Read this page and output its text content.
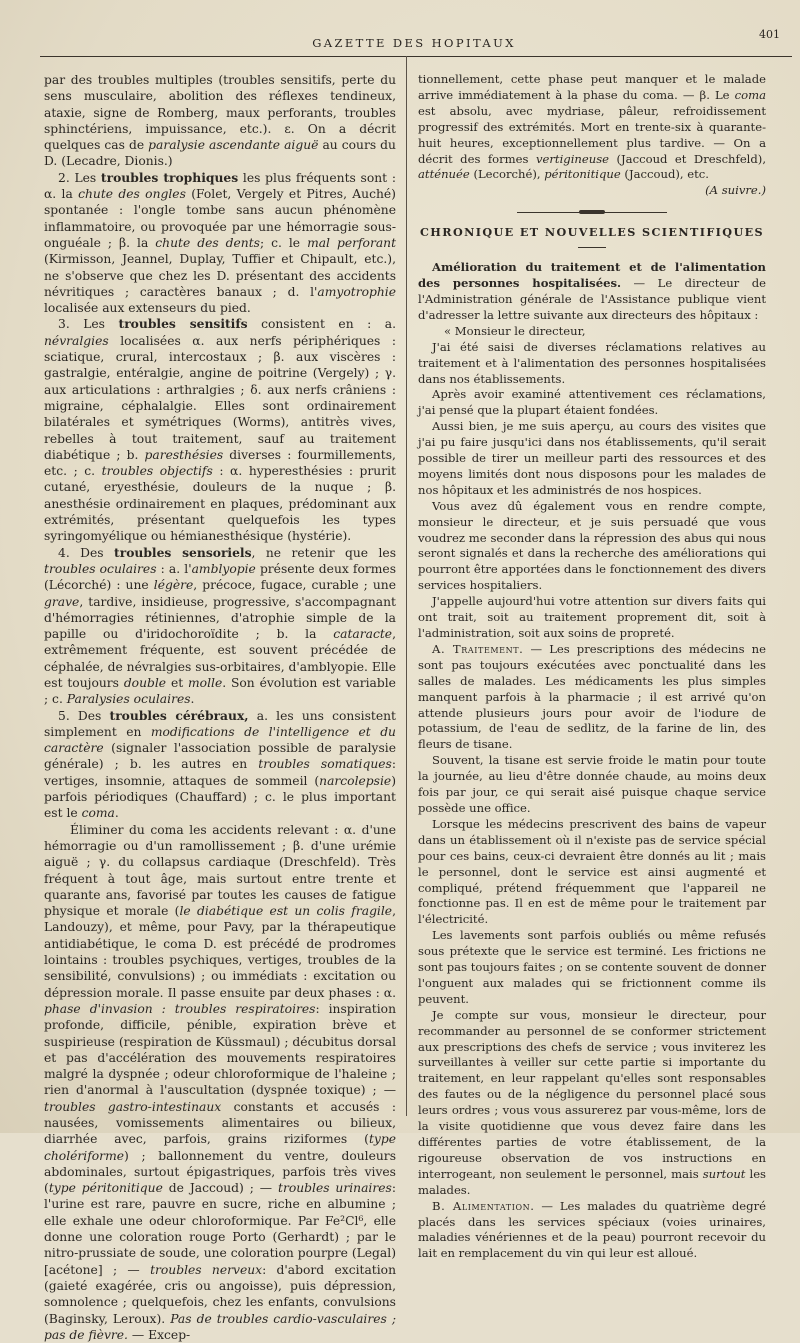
GAZETTE DES HOPITAUX
401

par des troubles multiples (troubles sensitifs, perte du sens musculaire, abolition des réflexes tendineux, ataxie, signe de Romberg, maux perforants, troubles sphinctériens, impuissance, etc.). ε. On a décrit quelques cas de paralysie ascendante aiguë au cours du D. (Lecadre, Dionis.)

2. Les troubles trophiques les plus fréquents sont : α. la chute des ongles (Folet, Vergely et Pitres, Auché) spontanée : l'ongle tombe sans aucun phénomène inflammatoire, ou provoquée par une hémorragie sous-onguéale ; β. la chute des dents; c. le mal perforant (Kirmisson, Jeannel, Duplay, Tuffier et Chipault, etc.), ne s'observe que chez les D. présentant des accidents névritiques ; caractères banaux ; d. l'amyotrophie localisée aux extenseurs du pied.

3. Les troubles sensitifs consistent en : a. névralgies localisées α. aux nerfs périphériques : sciatique, crural, intercostaux ; β. aux viscères : gastralgie, entéralgie, angine de poitrine (Vergely) ; γ. aux articulations : arthralgies ; δ. aux nerfs crâniens : migraine, céphalalgie. Elles sont ordinairement bilatérales et symétriques (Worms), antitrès vives, rebelles à tout traitement, sauf au traitement diabétique ; b. paresthésies diverses : fourmillements, etc. ; c. troubles objectifs : α. hyperesthésies : prurit cutané, eryesthésie, douleurs de la nuque ; β. anesthésie ordinairement en plaques, prédominant aux extrémités, présentant quelquefois les types syringomyélique ou hémianesthésique (hystérie).

4. Des troubles sensoriels, ne retenir que les troubles oculaires : a. l'amblyopie présente deux formes (Lécorché) : une légère, précoce, fugace, curable ; une grave, tardive, insidieuse, progressive, s'accompagnant d'hémorragies rétiniennes, d'atrophie simple de la papille ou d'iridochoroïdite ; b. la cataracte, extrêmement fréquente, est souvent précédée de céphalée, de névralgies sus-orbitaires, d'amblyopie. Elle est toujours double et molle. Son évolution est variable ; c. Paralysies oculaires.

5. Des troubles cérébraux, a. les uns consistent simplement en modifications de l'intelligence et du caractère (signaler l'association possible de paralysie générale) ; b. les autres en troubles somatiques: vertiges, insomnie, attaques de sommeil (narcolepsie) parfois périodiques (Chauffard) ; c. le plus important est le coma.

Éliminer du coma les accidents relevant : α. d'une hémorragie ou d'un ramollissement ; β. d'une urémie aiguë ; γ. du collapsus cardiaque (Dreschfeld). Très fréquent à tout âge, mais surtout entre trente et quarante ans, favorisé par toutes les causes de fatigue physique et morale (le diabétique est un colis fragile, Landouzy), et même, pour Pavy, par la thérapeutique antidiabétique, le coma D. est précédé de prodromes lointains : troubles psychiques, vertiges, troubles de la sensibilité, convulsions) ; ou immédiats : excitation ou dépression morale. Il passe ensuite par deux phases : α. phase d'invasion : troubles respiratoires: inspiration profonde, difficile, pénible, expiration brève et suspirieuse (respiration de Küssmaul) ; décubitus dorsal et pas d'accélération des mouvements respiratoires malgré la dyspnée ; odeur chloroformique de l'haleine ; rien d'anormal à l'auscultation (dyspnée toxique) ; — troubles gastro-intestinaux constants et accusés : nausées, vomissements alimentaires ou bilieux, diarrhée avec, parfois, grains riziformes (type cholériforme) ; ballonnement du ventre, douleurs abdominales, surtout épigastriques, parfois très vives (type péritonitique de Jaccoud) ; — troubles urinaires: l'urine est rare, pauvre en sucre, riche en albumine ; elle exhale une odeur chloroformique. Par Fe²Cl⁶, elle donne une coloration rouge Porto (Gerhardt) ; par le nitro-prussiate de soude, une coloration pourpre (Legal) [acétone] ; — troubles nerveux: d'abord excitation (gaieté exagérée, cris ou angoisse), puis dépression, somnolence ; quelquefois, chez les enfants, convulsions (Baginsky, Leroux). Pas de troubles cardio-vasculaires ; pas de fièvre. — Excep-

tionnellement, cette phase peut manquer et le malade arrive immédiatement à la phase du coma. — β. Le coma est absolu, avec mydriase, pâleur, refroidissement progressif des extrémités. Mort en trente-six à quarante-huit heures, exceptionnellement plus tardive. — On a décrit des formes vertigineuse (Jaccoud et Dreschfeld), atténuée (Lecorché), péritonitique (Jaccoud), etc.

(A suivre.)

CHRONIQUE ET NOUVELLES SCIENTIFIQUES

Amélioration du traitement et de l'alimentation des personnes hospitalisées. — Le directeur de l'Administration générale de l'Assistance publique vient d'adresser la lettre suivante aux directeurs des hôpitaux :

« Monsieur le directeur,

J'ai été saisi de diverses réclamations relatives au traitement et à l'alimentation des personnes hospitalisées dans nos établissements.

Après avoir examiné attentivement ces réclamations, j'ai pensé que la plupart étaient fondées.

Aussi bien, je me suis aperçu, au cours des visites que j'ai pu faire jusqu'ici dans nos établissements, qu'il serait possible de tirer un meilleur parti des ressources et des moyens limités dont nous disposons pour les malades de nos hôpitaux et les administrés de nos hospices.

Vous avez dû également vous en rendre compte, monsieur le directeur, et je suis persuadé que vous voudrez me seconder dans la répression des abus qui nous seront signalés et dans la recherche des améliorations qui pourront être apportées dans le fonctionnement des divers services hospitaliers.

J'appelle aujourd'hui votre attention sur divers faits qui ont trait, soit au traitement proprement dit, soit à l'administration, soit aux soins de propreté.

A. Traitement. — Les prescriptions des médecins ne sont pas toujours exécutées avec ponctualité dans les salles de malades. Les médicaments les plus simples manquent parfois à la pharmacie ; il est arrivé qu'on attende plusieurs jours pour avoir de l'iodure de potassium, de l'eau de sedlitz, de la farine de lin, des fleurs de tisane.

Souvent, la tisane est servie froide le matin pour toute la journée, au lieu d'être donnée chaude, au moins deux fois par jour, ce qui serait aisé puisque chaque service possède une office.

Lorsque les médecins prescrivent des bains de vapeur dans un établissement où il n'existe pas de service spécial pour ces bains, ceux-ci devraient être donnés au lit ; mais le personnel, dont le service est ainsi augmenté et compliqué, prétend fréquemment que l'appareil ne fonctionne pas. Il en est de même pour le traitement par l'électricité.

Les lavements sont parfois oubliés ou même refusés sous prétexte que le service est terminé. Les frictions ne sont pas toujours faites ; on se contente souvent de donner l'onguent aux malades qui se frictionnent comme ils peuvent.

Je compte sur vous, monsieur le directeur, pour recommander au personnel de se conformer strictement aux prescriptions des chefs de service ; vous inviterez les surveillantes à veiller sur cette partie si importante du traitement, en leur rappelant qu'elles sont responsables des fautes ou de la négligence du personnel placé sous leurs ordres ; vous vous assurerez par vous-même, lors de la visite quotidienne que vous devez faire dans les différentes parties de votre établissement, de la rigoureuse observation de vos instructions en interrogeant, non seulement le personnel, mais surtout les malades.

B. Alimentation. — Les malades du quatrième degré placés dans les services spéciaux (voies urinaires, maladies vénériennes et de la peau) pourront recevoir du lait en remplacement du vin qui leur est alloué.
